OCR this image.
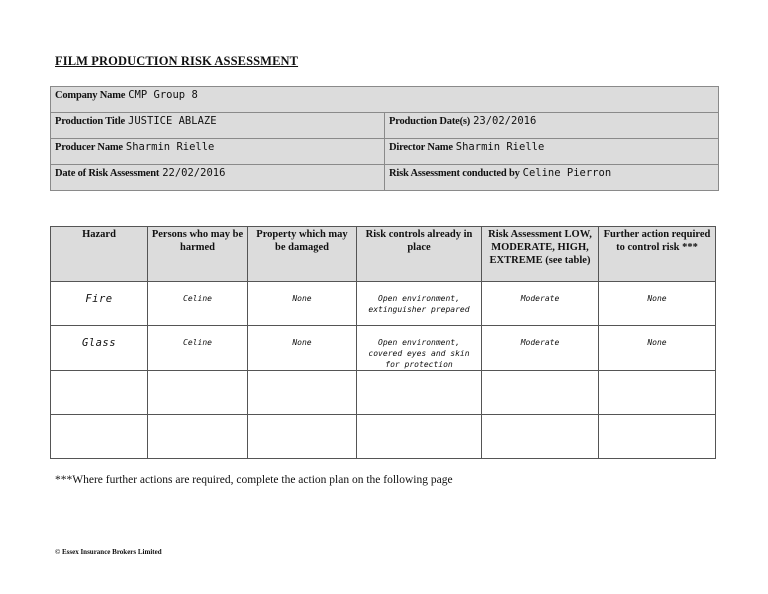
FILM PRODUCTION RISK ASSESSMENT
Company Name CMP Group 8	
Production Title JUSTICE ABLAZE	Production Date(s) 23/02/2016
Producer Name Sharmin Rielle	Director Name Sharmin Rielle
Date of Risk Assessment 22/02/2016	Risk Assessment conducted by Celine Pierron
Hazard	Persons who may be harmed	Property which may be damaged	Risk controls already in place	Risk Assessment LOW, MODERATE, HIGH, EXTREME (see table)	Further action required to control risk ***
Fire	Celine	None	Open environment, extinguisher prepared	Moderate	None
Glass	Celine	None	Open environment, covered eyes and skin for protection	Moderate	None

***Where further actions are required, complete the action plan on the following page
© Essex Insurance Brokers Limited
